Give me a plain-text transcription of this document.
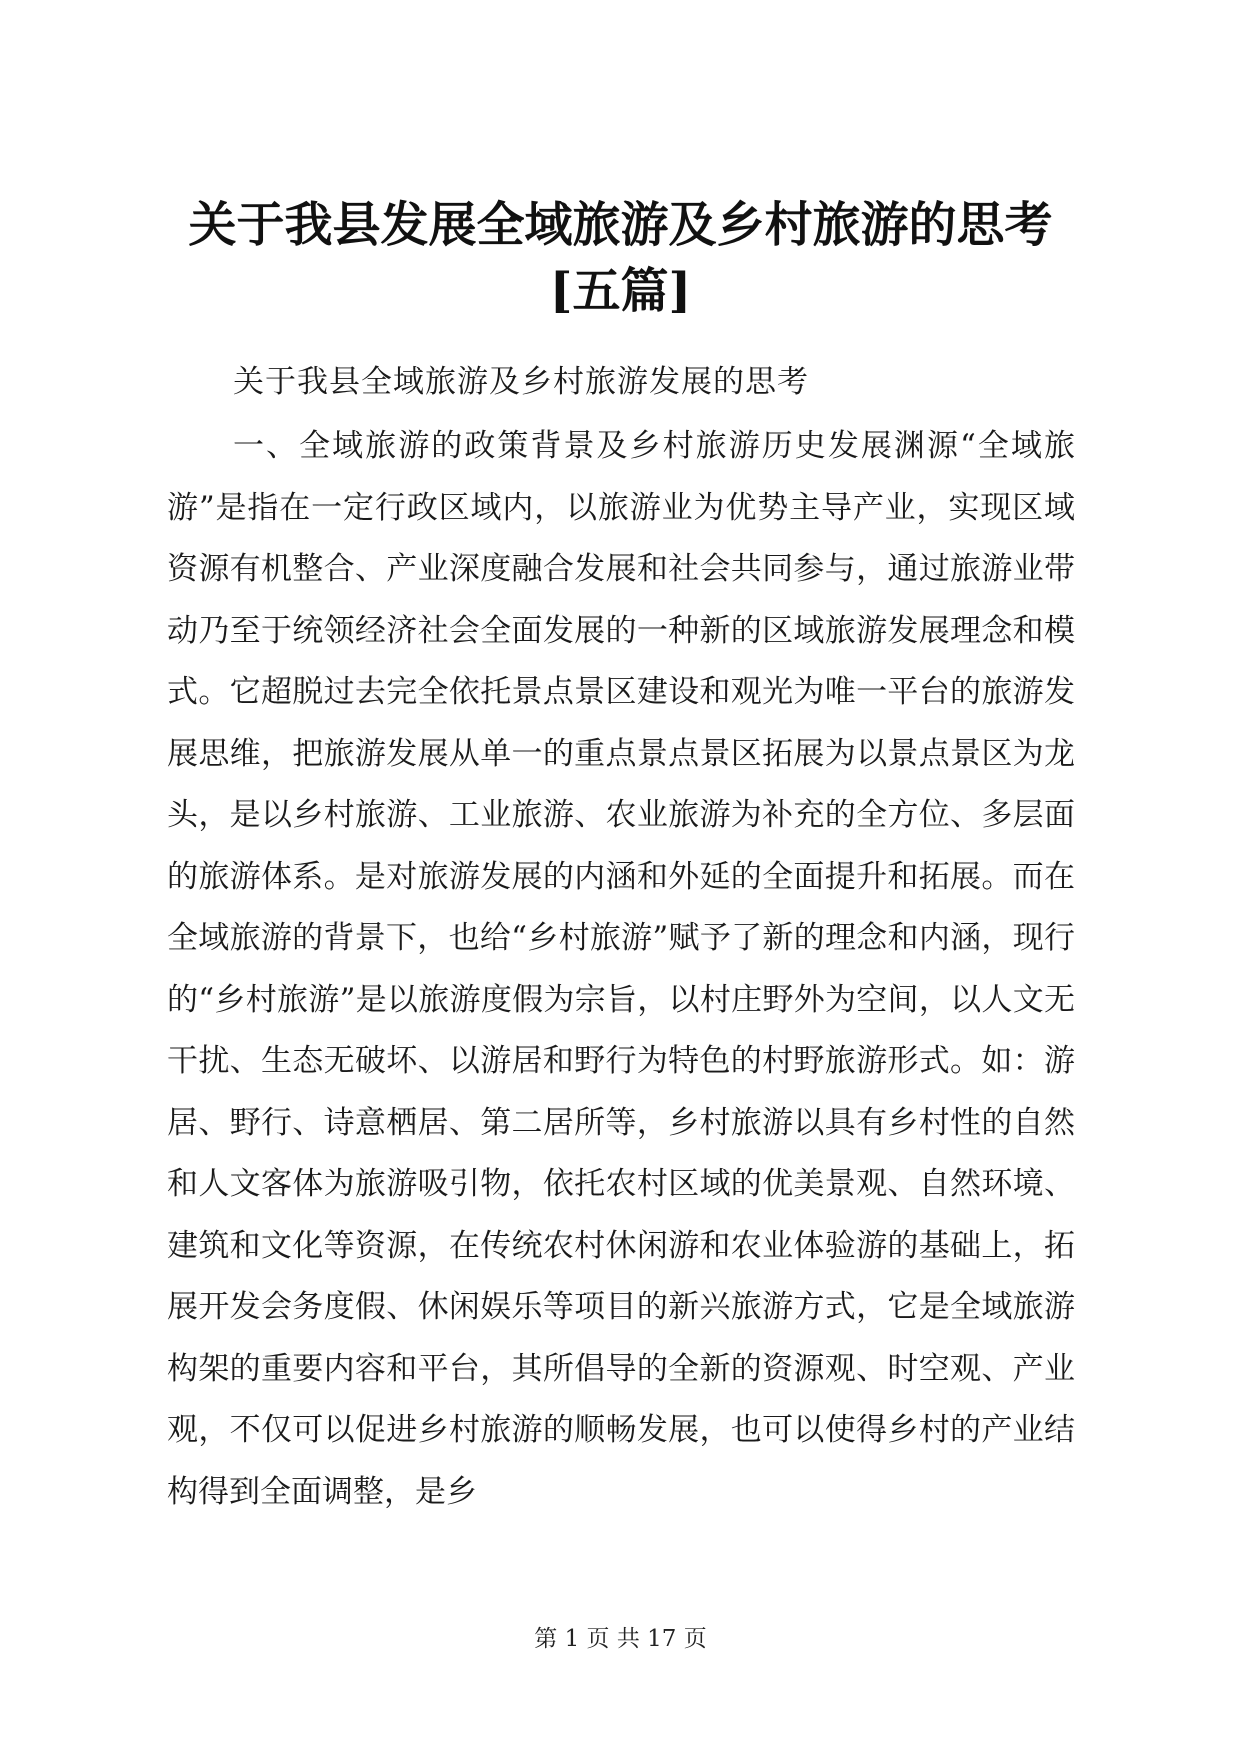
关于我县发展全域旅游及乡村旅游的思考[五篇]

关于我县全域旅游及乡村旅游发展的思考

一、全域旅游的政策背景及乡村旅游历史发展渊源“全域旅游”是指在一定行政区域内，以旅游业为优势主导产业，实现区域资源有机整合、产业深度融合发展和社会共同参与，通过旅游业带动乃至于统领经济社会全面发展的一种新的区域旅游发展理念和模式。它超脱过去完全依托景点景区建设和观光为唯一平台的旅游发展思维，把旅游发展从单一的重点景点景区拓展为以景点景区为龙头，是以乡村旅游、工业旅游、农业旅游为补充的全方位、多层面的旅游体系。是对旅游发展的内涵和外延的全面提升和拓展。而在全域旅游的背景下，也给“乡村旅游”赋予了新的理念和内涵，现行的“乡村旅游”是以旅游度假为宗旨，以村庄野外为空间，以人文无干扰、生态无破坏、以游居和野行为特色的村野旅游形式。如：游居、野行、诗意栖居、第二居所等，乡村旅游以具有乡村性的自然和人文客体为旅游吸引物，依托农村区域的优美景观、自然环境、建筑和文化等资源，在传统农村休闲游和农业体验游的基础上，拓展开发会务度假、休闲娱乐等项目的新兴旅游方式，它是全域旅游构架的重要内容和平台，其所倡导的全新的资源观、时空观、产业观，不仅可以促进乡村旅游的顺畅发展，也可以使得乡村的产业结构得到全面调整，是乡

第 1 页 共 17 页
